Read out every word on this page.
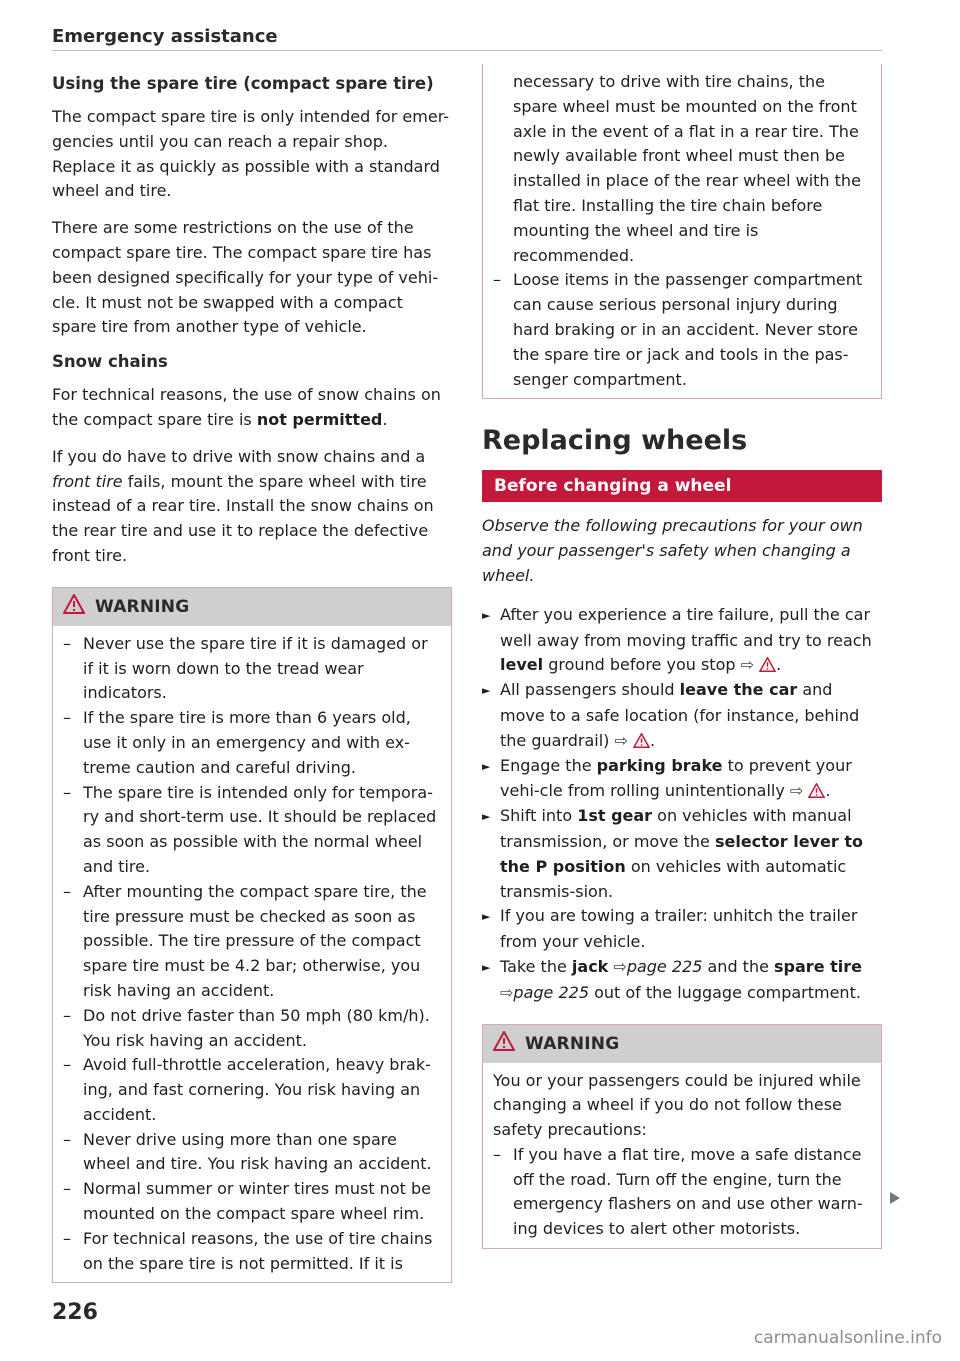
Emergency assistance
Using the spare tire (compact spare tire)
The compact spare tire is only intended for emer-gencies until you can reach a repair shop. Replace it as quickly as possible with a standard wheel and tire.
There are some restrictions on the use of the compact spare tire. The compact spare tire has been designed specifically for your type of vehi-cle. It must not be swapped with a compact spare tire from another type of vehicle.
Snow chains
For technical reasons, the use of snow chains on the compact spare tire is not permitted.
If you do have to drive with snow chains and a front tire fails, mount the spare wheel with tire instead of a rear tire. Install the snow chains on the rear tire and use it to replace the defective front tire.
WARNING
– Never use the spare tire if it is damaged or if it is worn down to the tread wear indicators.
– If the spare tire is more than 6 years old, use it only in an emergency and with ex-treme caution and careful driving.
– The spare tire is intended only for tempora-ry and short-term use. It should be replaced as soon as possible with the normal wheel and tire.
– After mounting the compact spare tire, the tire pressure must be checked as soon as possible. The tire pressure of the compact spare tire must be 4.2 bar; otherwise, you risk having an accident.
– Do not drive faster than 50 mph (80 km/h). You risk having an accident.
– Avoid full-throttle acceleration, heavy brak-ing, and fast cornering. You risk having an accident.
– Never drive using more than one spare wheel and tire. You risk having an accident.
– Normal summer or winter tires must not be mounted on the compact spare wheel rim.
– For technical reasons, the use of tire chains on the spare tire is not permitted. If it is
necessary to drive with tire chains, the spare wheel must be mounted on the front axle in the event of a flat in a rear tire. The newly available front wheel must then be installed in place of the rear wheel with the flat tire. Installing the tire chain before mounting the wheel and tire is recommended.
– Loose items in the passenger compartment can cause serious personal injury during hard braking or in an accident. Never store the spare tire or jack and tools in the pas-senger compartment.
Replacing wheels
Before changing a wheel
Observe the following precautions for your own and your passenger's safety when changing a wheel.
► After you experience a tire failure, pull the car well away from moving traffic and try to reach level ground before you stop ⇨ .
► All passengers should leave the car and move to a safe location (for instance, behind the guardrail) ⇨ .
► Engage the parking brake to prevent your vehi-cle from rolling unintentionally ⇨ .
► Shift into 1st gear on vehicles with manual transmission, or move the selector lever to the P position on vehicles with automatic transmis-sion.
► If you are towing a trailer: unhitch the trailer from your vehicle.
► Take the jack ⇨page 225 and the spare tire ⇨page 225 out of the luggage compartment.
WARNING
You or your passengers could be injured while changing a wheel if you do not follow these safety precautions:
– If you have a flat tire, move a safe distance off the road. Turn off the engine, turn the emergency flashers on and use other warn-ing devices to alert other motorists.
226
carmanualsonline.info
